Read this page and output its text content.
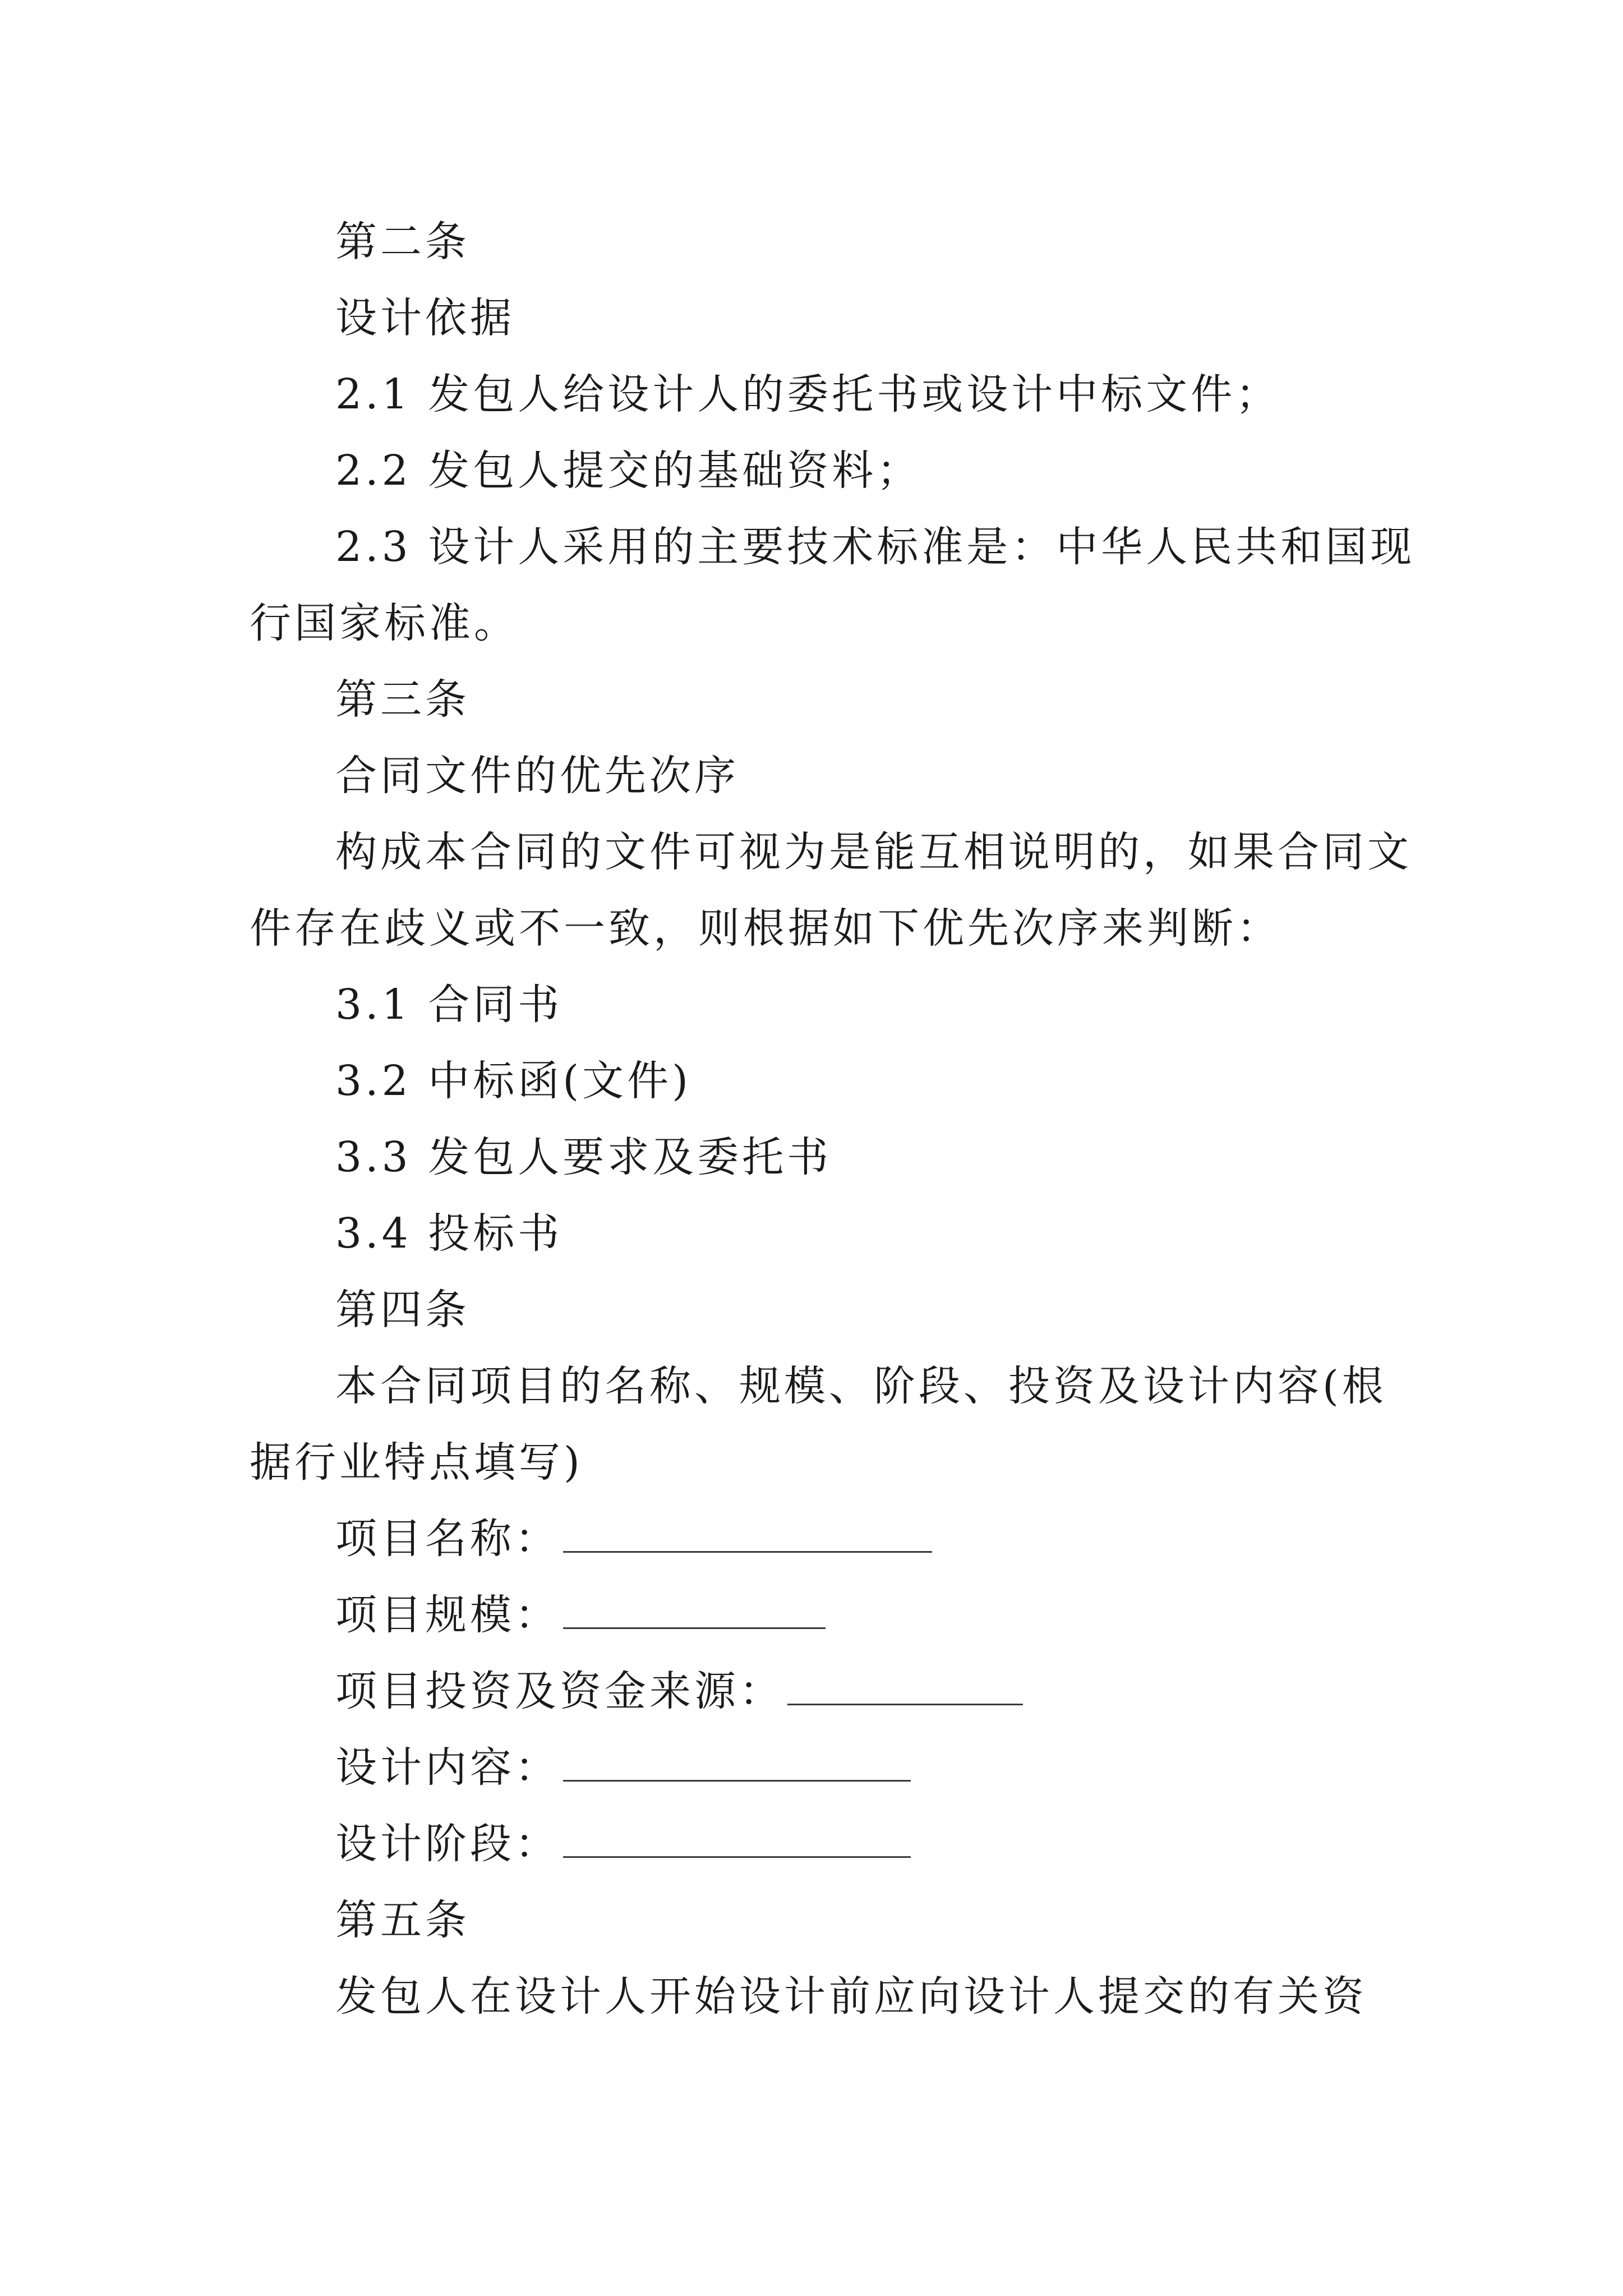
第二条
设计依据
2.1 发包人给设计人的委托书或设计中标文件；
2.2 发包人提交的基础资料；
2.3 设计人采用的主要技术标准是：中华人民共和国现
行国家标准。
第三条
合同文件的优先次序
构成本合同的文件可视为是能互相说明的，如果合同文
件存在歧义或不一致，则根据如下优先次序来判断：
3.1 合同书
3.2 中标函(文件)
3.3 发包人要求及委托书
3.4 投标书
第四条
本合同项目的名称、规模、阶段、投资及设计内容(根
据行业特点填写)
项目名称：
项目规模：
项目投资及资金来源：
设计内容：
设计阶段：
第五条
发包人在设计人开始设计前应向设计人提交的有关资
